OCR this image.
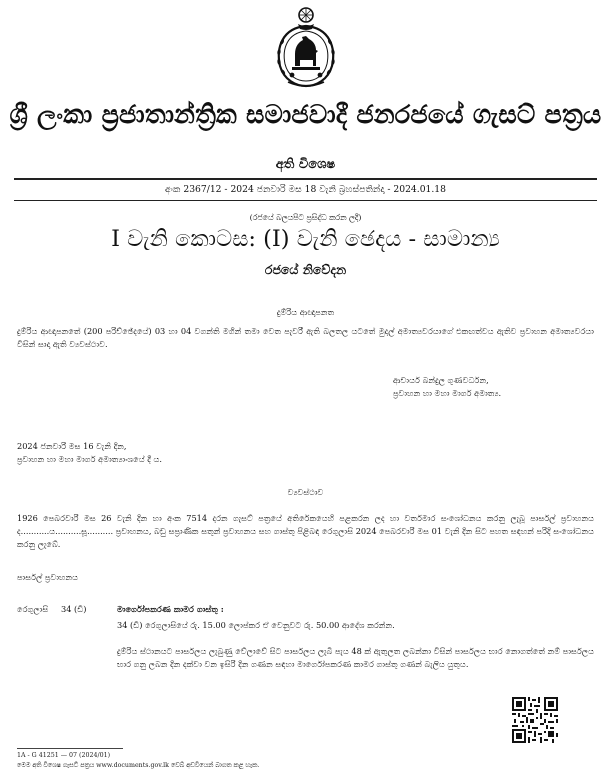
ශ්‍රී ලංකා ප්‍රජාතාන්ත්‍රික සමාජවාදී ජනරජයේ ගැසට් පත්‍රය
අති විශෙෂ
අංක 2367/12 - 2024 ජනවාරි මස 18 වැනි බ්‍රහස්පතින්දා - 2024.01.18
(රජයේ බලයපිට ප්‍රසිද්ධ කරන ලදී)
I වැනි කොටස: (I) වැනි ඡෙදය - සාමාන්‍ය
රජයේ නිවේදන
දුම්රිය ආඥාපනත
දුම්රිය ආඥාපනතේ (200 පරිච්ඡේදයේ) 03 හා 04 වගන්ති මගින් තමා වෙත පැවරී ඇති බලතල යටතේ මුදල් අමාත්‍යවරයාගේ එකඟත්වය ඇතිව ප්‍රවාහන අමාත්‍යවරයා විසින් සාදා ඇති ව්‍යවස්ථාව.
ආචාර්ය බන්දුල ගුණවර්ධන,
ප්‍රවාහන හා මහා මාර්ග අමාත්‍ය.
2024 ජනවාරි මස 16 වැනි දින,
ප්‍රවාහන හා මහා මාර්ග අමාත්‍යාංශයේ දී ය.
ව්‍යවස්ථාව
1926 පෙබරවාරි මස 26 වැනි දින හා අංක 7514 දරන ගැසට් පත්‍රයේ අතිරේකයෙහි පළකරන ලද හා වර්තමාර සංශෝධනය කරනු ලැබූ පාර්සල් ප්‍රවාහනය ද...........ය..........සූ.......... ප්‍රවාහනය, බඩු සප්‍රාණික සතුන් ප්‍රවාහනය සහ ගාස්තු පිළිබඳ රෙගුලාසි 2024 පෙබරවාරි මස 01 වැනි දින සිට පහත සඳහන් පරිදි සංශෝධනය කරනු ලැබේ.
පාර්සල් ප්‍රවාහනය
රෙගුලාසි 34 (ඩී)	මාර්ගෝපකරණ කාමර ගාස්තු :
34 (ඩී) රෙගුලාසියේ රු. 15.00 ලොප්කර ඒ වෙනුවට රු. 50.00 ආදේශ කරන්න.
දුම්රිය ස්ථානයට පාර්සලය ලැබුණු වේලාවේ සිට පාර්සලය ලැබී පැය 48 ක් ඇතුලත ලබන්නා විසින් පාර්සලය භාර නොගත්තේ නම් පාර්සලය භාර ගනු ලබන දින දක්වා වන ඉසිරි දින ගණන සඳහා මාර්ගෝපකරණ කාමර ගාස්තු ගණන් බැලිය යුතුය.
1A - G 41251 — 07 (2024/01)
මෙම අති විශෙෂ ගැසට් පත්‍රය www.documents.gov.lk වෙබ් අඩවියෙන් බාගත කළ හැක.
